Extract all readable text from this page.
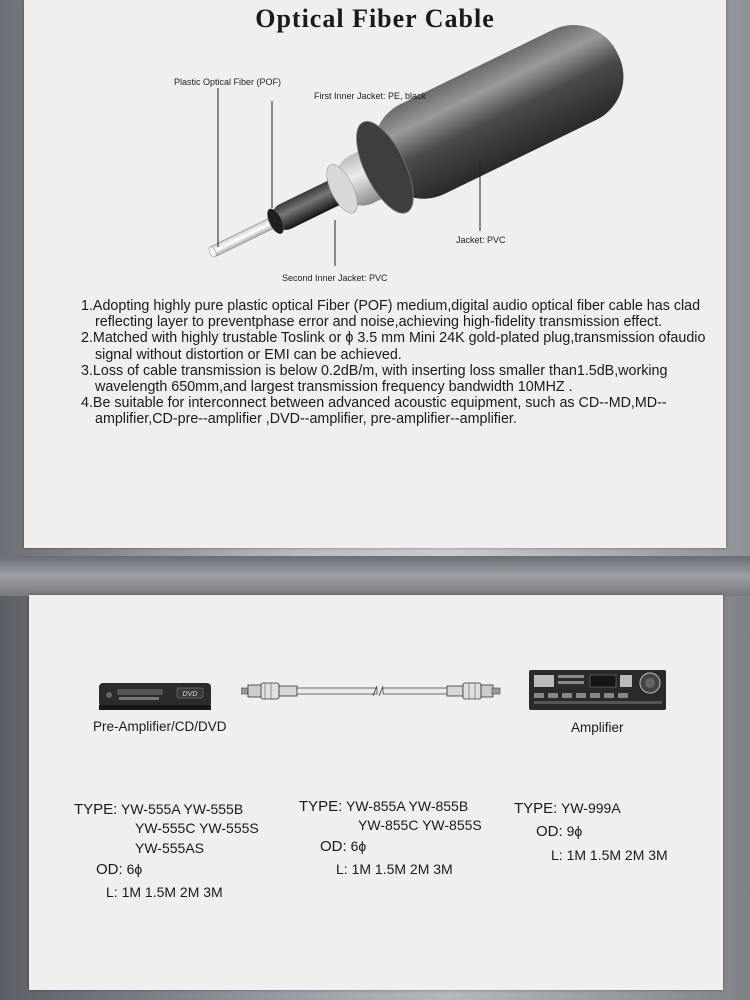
Optical Fiber Cable
Plastic Optical Fiber (POF)
First Inner Jacket: PE, black
Jacket: PVC
Second Inner Jacket: PVC
1.Adopting highly pure plastic optical Fiber (POF) medium,digital audio optical fiber cable has clad reflecting layer to preventphase error and noise,achieving high-fidelity transmission effect.
2.Matched with highly trustable Toslink or ϕ 3.5 mm Mini 24K gold-plated plug,transmission ofaudio signal without distortion or EMI can be achieved.
3.Loss of cable transmission is below 0.2dB/m, with inserting loss smaller than1.5dB,working wavelength 650mm,and largest transmission frequency bandwidth 10MHZ .
4.Be suitable for interconnect between advanced acoustic equipment, such as CD--MD,MD-- amplifier,CD-pre--amplifier ,DVD--amplifier, pre-amplifier--amplifier.
DVD
Pre-Amplifier/CD/DVD	Amplifier
TYPE: YW-555A YW-555B
YW-555C YW-555S
YW-555AS
OD: 6ϕ
L: 1M 1.5M 2M 3M
TYPE: YW-855A YW-855B
YW-855C YW-855S
OD: 6ϕ
L: 1M 1.5M 2M 3M
TYPE: YW-999A
OD: 9ϕ
L: 1M 1.5M 2M 3M
